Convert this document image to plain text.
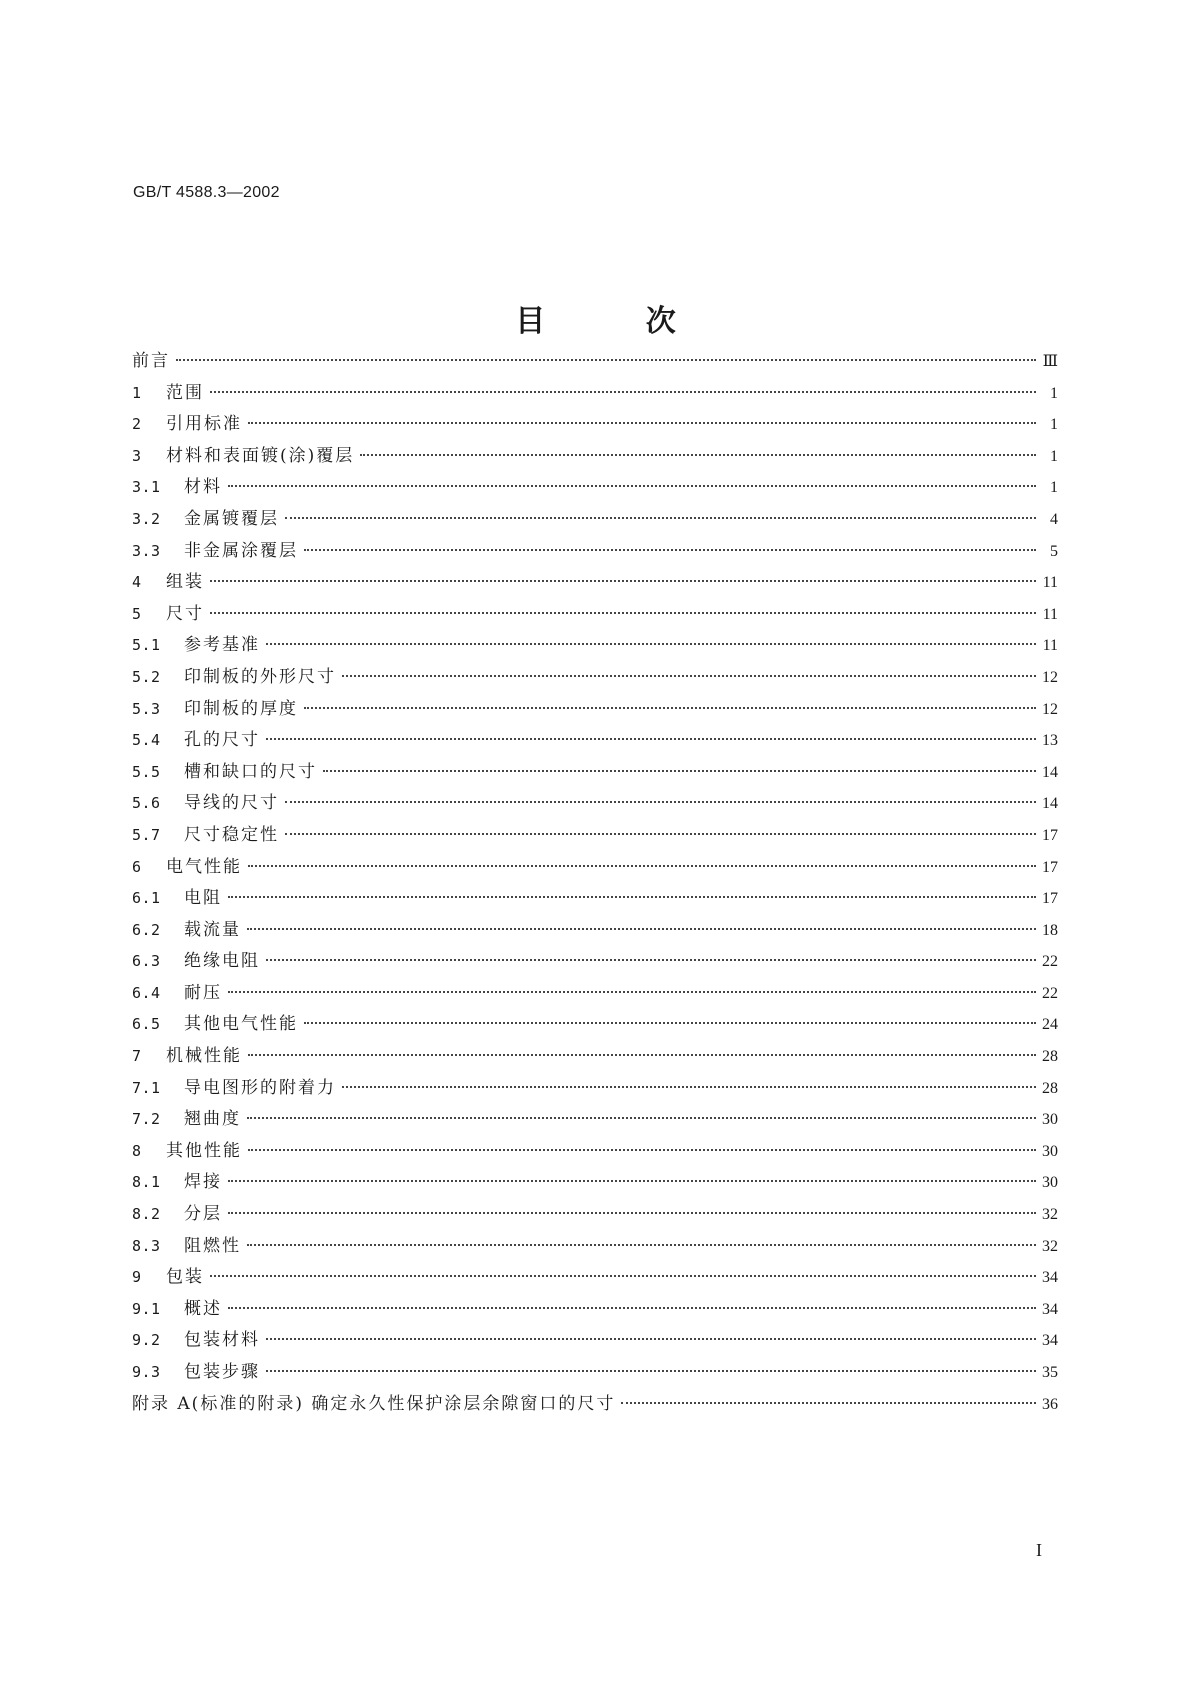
GB/T 4588.3—2002
目 次
前言	Ⅲ
1	范围	1
2	引用标准	1
3	材料和表面镀(涂)覆层	1
3.1	材料	1
3.2	金属镀覆层	4
3.3	非金属涂覆层	5
4	组装	11
5	尺寸	11
5.1	参考基准	11
5.2	印制板的外形尺寸	12
5.3	印制板的厚度	12
5.4	孔的尺寸	13
5.5	槽和缺口的尺寸	14
5.6	导线的尺寸	14
5.7	尺寸稳定性	17
6	电气性能	17
6.1	电阻	17
6.2	载流量	18
6.3	绝缘电阻	22
6.4	耐压	22
6.5	其他电气性能	24
7	机械性能	28
7.1	导电图形的附着力	28
7.2	翘曲度	30
8	其他性能	30
8.1	焊接	30
8.2	分层	32
8.3	阻燃性	32
9	包装	34
9.1	概述	34
9.2	包装材料	34
9.3	包装步骤	35
附录 A(标准的附录) 确定永久性保护涂层余隙窗口的尺寸	36
I
